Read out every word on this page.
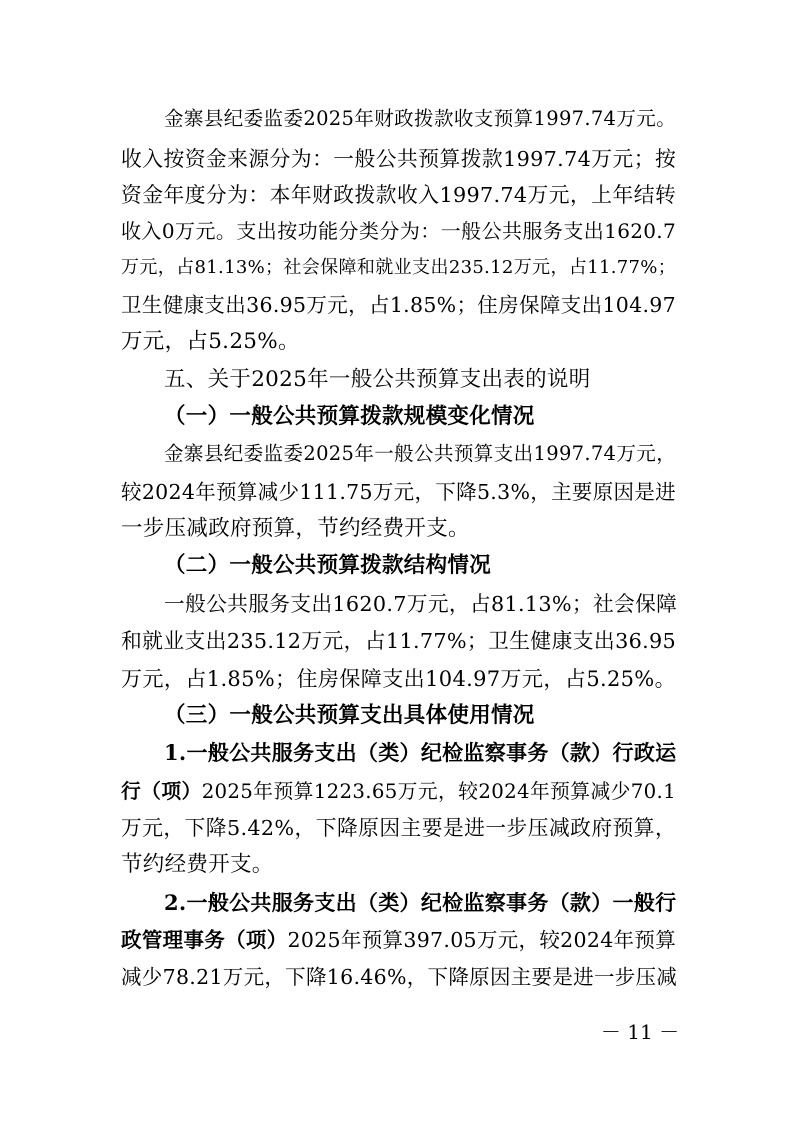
金寨县纪委监委2025年财政拨款收支预算1997.74万元。
收入按资金来源分为：一般公共预算拨款1997.74万元；按
资金年度分为：本年财政拨款收入1997.74万元，上年结转
收入0万元。支出按功能分类分为：一般公共服务支出1620.7
万元，占81.13%；社会保障和就业支出235.12万元，占11.77%；
卫生健康支出36.95万元，占1.85%；住房保障支出104.97
万元，占5.25%。
五、关于2025年一般公共预算支出表的说明
（一）一般公共预算拨款规模变化情况
金寨县纪委监委2025年一般公共预算支出1997.74万元，
较2024年预算减少111.75万元，下降5.3%，主要原因是进
一步压减政府预算，节约经费开支。
（二）一般公共预算拨款结构情况
一般公共服务支出1620.7万元，占81.13%；社会保障
和就业支出235.12万元，占11.77%；卫生健康支出36.95
万元，占1.85%；住房保障支出104.97万元，占5.25%。
（三）一般公共预算支出具体使用情况
1.一般公共服务支出（类）纪检监察事务（款）行政运
行（项）2025年预算1223.65万元，较2024年预算减少70.1
万元，下降5.42%，下降原因主要是进一步压减政府预算，
节约经费开支。
2.一般公共服务支出（类）纪检监察事务（款）一般行
政管理事务（项）2025年预算397.05万元，较2024年预算
减少78.21万元，下降16.46%，下降原因主要是进一步压减
－ 11 －
